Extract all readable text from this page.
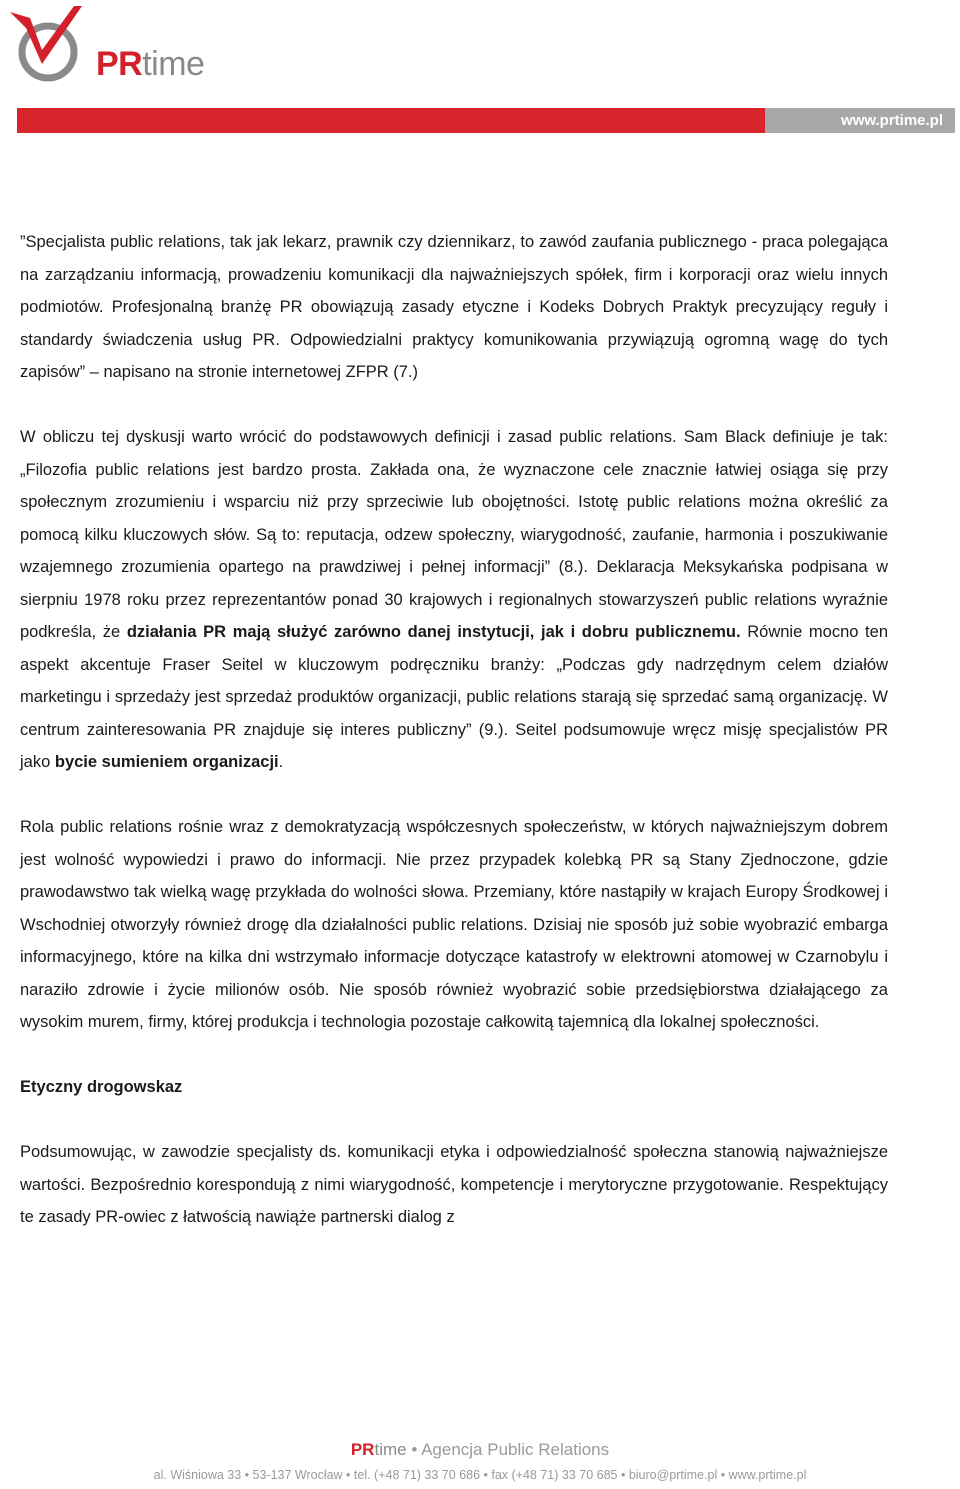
PRtime
www.prtime.pl

”Specjalista public relations, tak jak lekarz, prawnik czy dziennikarz, to zawód zaufania publicznego - praca polegająca na zarządzaniu informacją, prowadzeniu komunikacji dla najważniejszych spółek, firm i korporacji oraz wielu innych podmiotów. Profesjonalną branżę PR obowiązują zasady etyczne i Kodeks Dobrych Praktyk precyzujący reguły i standardy świadczenia usług PR. Odpowiedzialni praktycy komunikowania przywiązują ogromną wagę do tych zapisów” – napisano na stronie internetowej ZFPR (7.)

W obliczu tej dyskusji warto wrócić do podstawowych definicji i zasad public relations. Sam Black definiuje je tak: „Filozofia public relations jest bardzo prosta. Zakłada ona, że wyznaczone cele znacznie łatwiej osiąga się przy społecznym zrozumieniu i wsparciu niż przy sprzeciwie lub obojętności. Istotę public relations można określić za pomocą kilku kluczowych słów. Są to: reputacja, odzew społeczny, wiarygodność, zaufanie, harmonia i poszukiwanie wzajemnego zrozumienia opartego na prawdziwej i pełnej informacji” (8.). Deklaracja Meksykańska podpisana w sierpniu 1978 roku przez reprezentantów ponad 30 krajowych i regionalnych stowarzyszeń public relations wyraźnie podkreśla, że działania PR mają służyć zarówno danej instytucji, jak i dobru publicznemu. Równie mocno ten aspekt akcentuje Fraser Seitel w kluczowym podręczniku branży: „Podczas gdy nadrzędnym celem działów marketingu i sprzedaży jest sprzedaż produktów organizacji, public relations starają się sprzedać samą organizację. W centrum zainteresowania PR znajduje się interes publiczny” (9.). Seitel podsumowuje wręcz misję specjalistów PR jako bycie sumieniem organizacji.

Rola public relations rośnie wraz z demokratyzacją współczesnych społeczeństw, w których najważniejszym dobrem jest wolność wypowiedzi i prawo do informacji. Nie przez przypadek kolebką PR są Stany Zjednoczone, gdzie prawodawstwo tak wielką wagę przykłada do wolności słowa. Przemiany, które nastąpiły w krajach Europy Środkowej i Wschodniej otworzyły również drogę dla działalności public relations. Dzisiaj nie sposób już sobie wyobrazić embarga informacyjnego, które na kilka dni wstrzymało informacje dotyczące katastrofy w elektrowni atomowej w Czarnobylu i naraziło zdrowie i życie milionów osób. Nie sposób również wyobrazić sobie przedsiębiorstwa działającego za wysokim murem, firmy, której produkcja i technologia pozostaje całkowitą tajemnicą dla lokalnej społeczności.

Etyczny drogowskaz

Podsumowując, w zawodzie specjalisty ds. komunikacji etyka i odpowiedzialność społeczna stanowią najważniejsze wartości. Bezpośrednio korespondują z nimi wiarygodność, kompetencje i merytoryczne przygotowanie. Respektujący te zasady PR-owiec z łatwością nawiąże partnerski dialog z

PRtime • Agencja Public Relations
al. Wiśniowa 33 • 53-137 Wrocław • tel. (+48 71) 33 70 686 • fax (+48 71) 33 70 685 • biuro@prtime.pl • www.prtime.pl
